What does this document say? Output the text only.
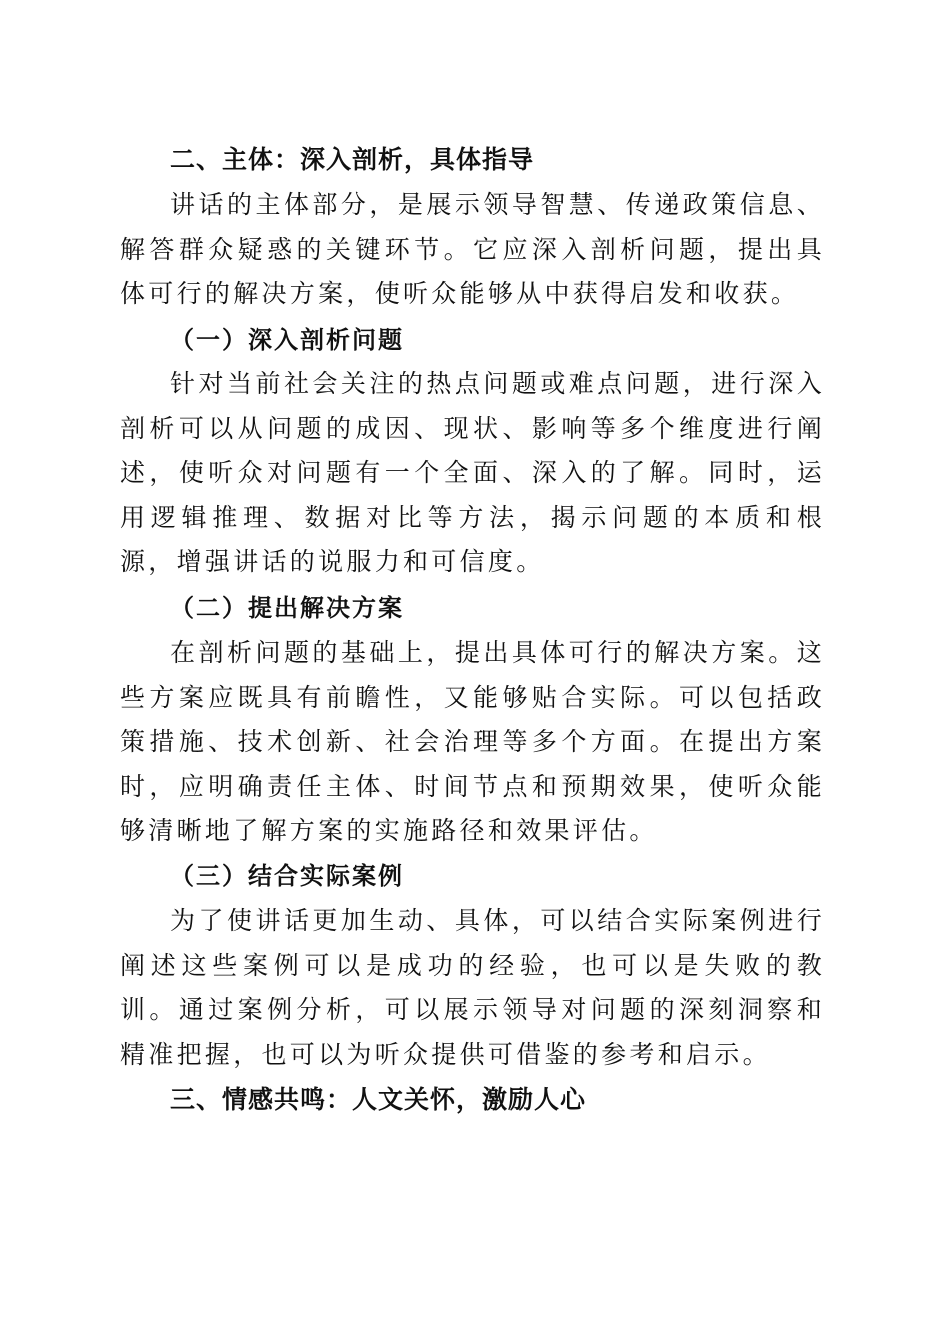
二、主体：深入剖析，具体指导

讲话的主体部分，是展示领导智慧、传递政策信息、解答群众疑惑的关键环节。它应深入剖析问题，提出具体可行的解决方案，使听众能够从中获得启发和收获。

（一）深入剖析问题

针对当前社会关注的热点问题或难点问题，进行深入剖析可以从问题的成因、现状、影响等多个维度进行阐述，使听众对问题有一个全面、深入的了解。同时，运用逻辑推理、数据对比等方法，揭示问题的本质和根源，增强讲话的说服力和可信度。

（二）提出解决方案

在剖析问题的基础上，提出具体可行的解决方案。这些方案应既具有前瞻性，又能够贴合实际。可以包括政策措施、技术创新、社会治理等多个方面。在提出方案时，应明确责任主体、时间节点和预期效果，使听众能够清晰地了解方案的实施路径和效果评估。

（三）结合实际案例

为了使讲话更加生动、具体，可以结合实际案例进行阐述这些案例可以是成功的经验，也可以是失败的教训。通过案例分析，可以展示领导对问题的深刻洞察和精准把握，也可以为听众提供可借鉴的参考和启示。

三、情感共鸣：人文关怀，激励人心
